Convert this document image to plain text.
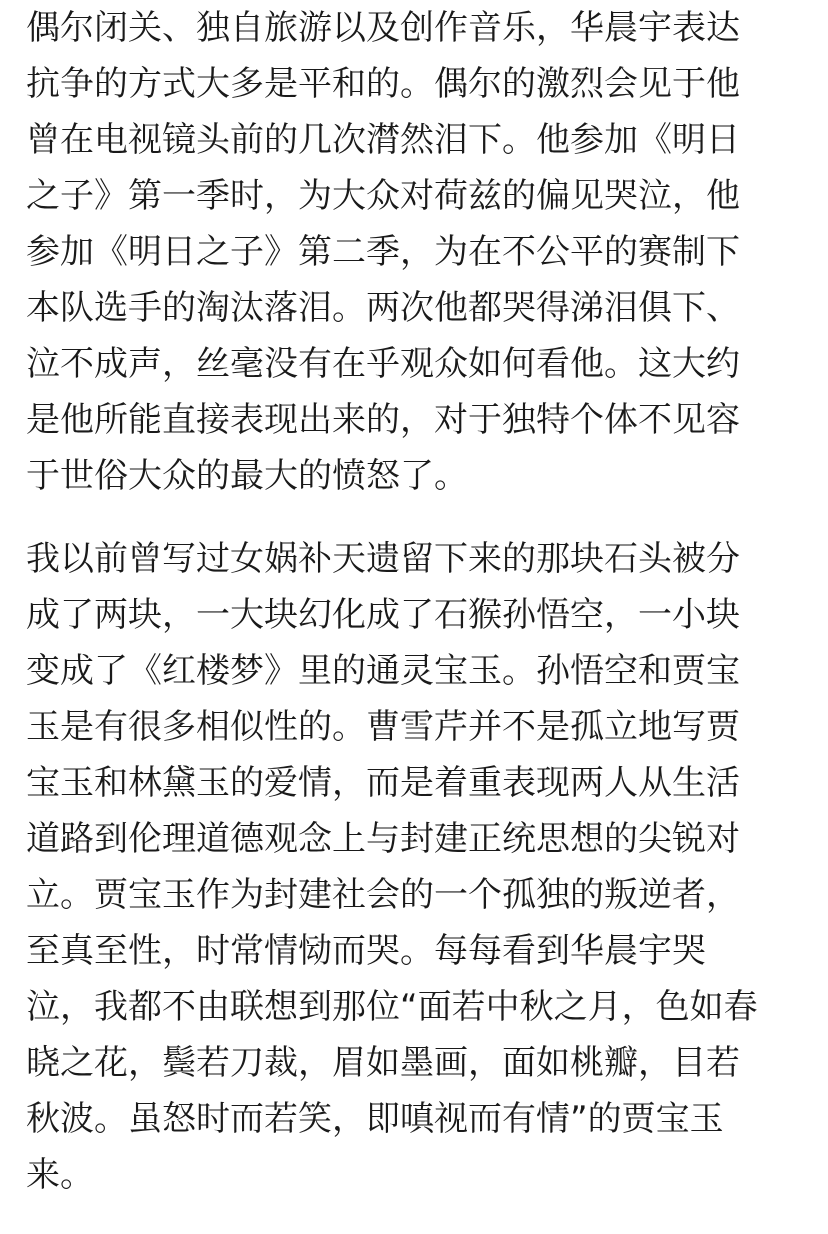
偶尔闭关、独自旅游以及创作音乐，华晨宇表达
抗争的方式大多是平和的。偶尔的激烈会见于他
曾在电视镜头前的几次潸然泪下。他参加《明日
之子》第一季时，为大众对荷兹的偏见哭泣，他
参加《明日之子》第二季，为在不公平的赛制下
本队选手的淘汰落泪。两次他都哭得涕泪俱下、
泣不成声，丝毫没有在乎观众如何看他。这大约
是他所能直接表现出来的，对于独特个体不见容
于世俗大众的最大的愤怒了。
我以前曾写过女娲补天遗留下来的那块石头被分
成了两块，一大块幻化成了石猴孙悟空，一小块
变成了《红楼梦》里的通灵宝玉。孙悟空和贾宝
玉是有很多相似性的。曹雪芹并不是孤立地写贾
宝玉和林黛玉的爱情，而是着重表现两人从生活
道路到伦理道德观念上与封建正统思想的尖锐对
立。贾宝玉作为封建社会的一个孤独的叛逆者，
至真至性，时常情恸而哭。每每看到华晨宇哭
泣，我都不由联想到那位“面若中秋之月，色如春
晓之花，鬓若刀裁，眉如墨画，面如桃瓣，目若
秋波。虽怒时而若笑，即嗔视而有情”的贾宝玉
来。
